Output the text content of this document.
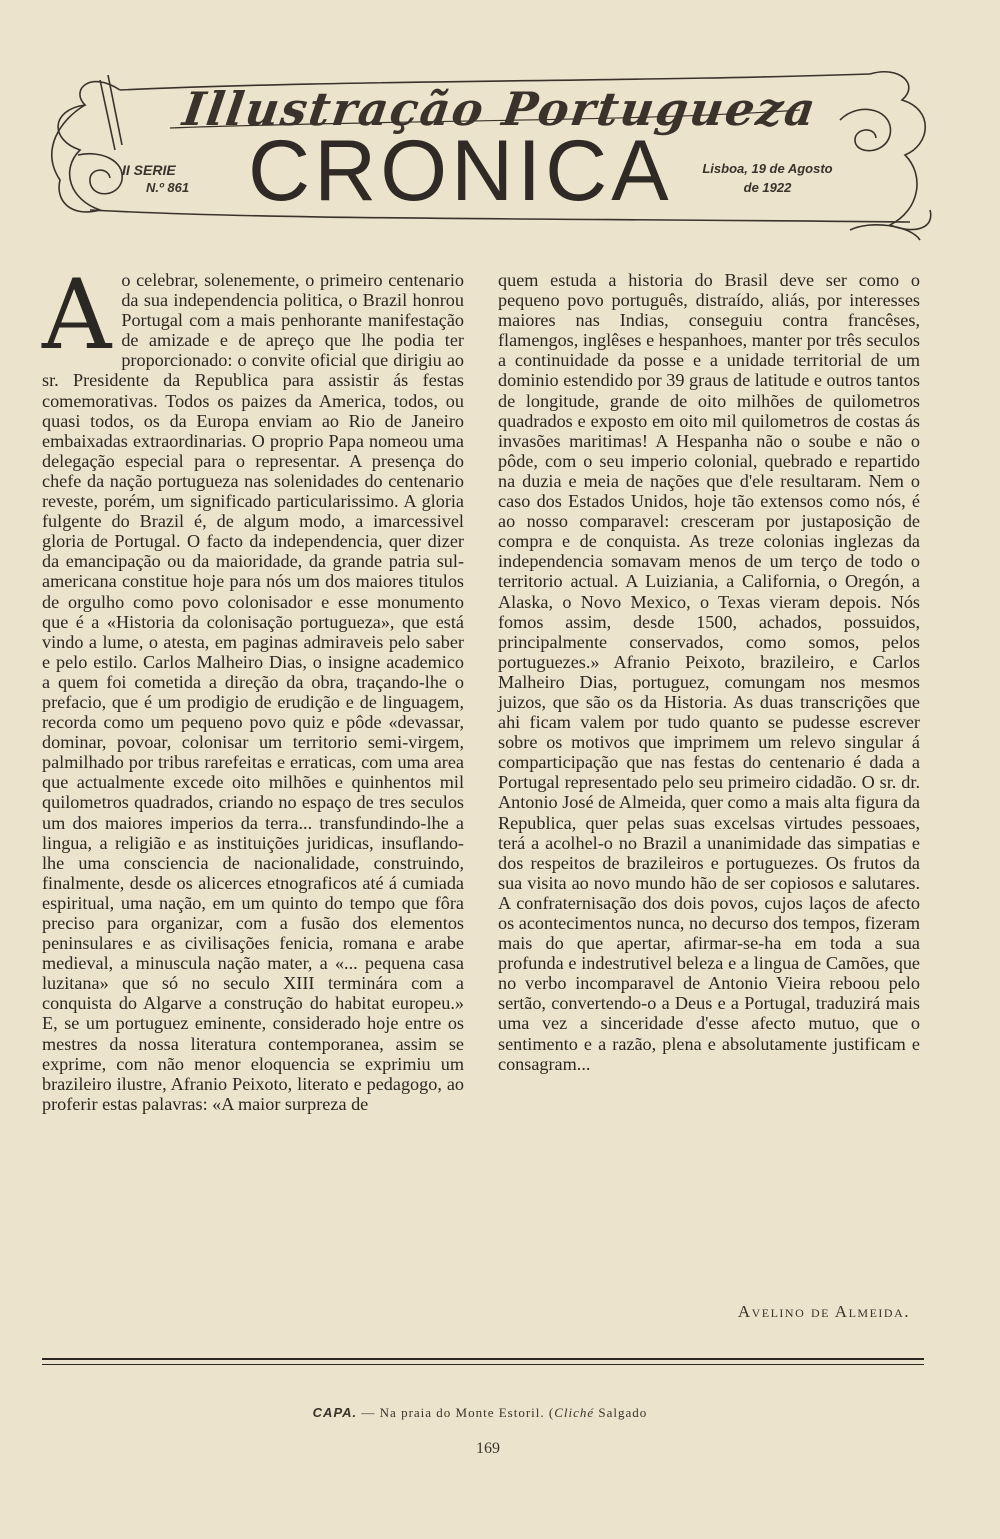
Illustração Portugueza
II SERIE
N.º 861 CRONICA	Lisboa, 19 de Agosto
de 1922
A o celebrar, solenemente, o primeiro centenario da sua independencia politica, o Brazil honrou Portugal com a mais penhorante manifestação de amizade e de apreço que lhe podia ter proporcionado: o convite oficial que dirigiu ao sr. Presidente da Republica para assistir ás festas comemorativas. Todos os paizes da America, todos, ou quasi todos, os da Europa enviam ao Rio de Janeiro embaixadas extraordinarias. O proprio Papa nomeou uma delegação especial para o representar. A presença do chefe da nação portugueza nas solenidades do centenario reveste, porém, um significado particularissimo. A gloria fulgente do Brazil é, de algum modo, a imarcessivel gloria de Portugal. O facto da independencia, quer dizer da emancipação ou da maioridade, da grande patria sul-americana constitue hoje para nós um dos maiores titulos de orgulho como povo colonisador e esse monumento que é a «Historia da colonisação portugueza», que está vindo a lume, o atesta, em paginas admiraveis pelo saber e pelo estilo. Carlos Malheiro Dias, o insigne academico a quem foi cometida a direção da obra, traçando-lhe o prefacio, que é um prodigio de erudição e de linguagem, recorda como um pequeno povo quiz e pôde «devassar, dominar, povoar, colonisar um territorio semi-virgem, palmilhado por tribus rarefeitas e erraticas, com uma area que actualmente excede oito milhões e quinhentos mil quilometros quadrados, criando no espaço de tres seculos um dos maiores imperios da terra... transfundindo-lhe a lingua, a religião e as instituições juridicas, insuflando-lhe uma consciencia de nacionalidade, construindo, finalmente, desde os alicerces etnograficos até á cumiada espiritual, uma nação, em um quinto do tempo que fôra preciso para organizar, com a fusão dos elementos peninsulares e as civilisações fenicia, romana e arabe medieval, a minuscula nação mater, a «... pequena casa luzitana» que só no seculo XIII terminára com a conquista do Algarve a construção do habitat europeu.» E, se um portuguez eminente, considerado hoje entre os mestres da nossa literatura contemporanea, assim se exprime, com não menor eloquencia se exprimiu um brazileiro ilustre, Afranio Peixoto, literato e pedagogo, ao proferir estas palavras: «A maior surpreza de

quem estuda a historia do Brasil deve ser como o pequeno povo português, distraído, aliás, por interesses maiores nas Indias, conseguiu contra francêses, flamengos, inglêses e hespanhoes, manter por três seculos a continuidade da posse e a unidade territorial de um dominio estendido por 39 graus de latitude e outros tantos de longitude, grande de oito milhões de quilometros quadrados e exposto em oito mil quilometros de costas ás invasões maritimas! A Hespanha não o soube e não o pôde, com o seu imperio colonial, quebrado e repartido na duzia e meia de nações que d'ele resultaram. Nem o caso dos Estados Unidos, hoje tão extensos como nós, é ao nosso comparavel: cresceram por justaposição de compra e de conquista. As treze colonias inglezas da independencia somavam menos de um terço de todo o territorio actual. A Luiziania, a California, o Oregón, a Alaska, o Novo Mexico, o Texas vieram depois. Nós fomos assim, desde 1500, achados, possuidos, principalmente conservados, como somos, pelos portuguezes.» Afranio Peixoto, brazileiro, e Carlos Malheiro Dias, portuguez, comungam nos mesmos juizos, que são os da Historia. As duas transcrições que ahi ficam valem por tudo quanto se pudesse escrever sobre os motivos que imprimem um relevo singular á comparticipação que nas festas do centenario é dada a Portugal representado pelo seu primeiro cidadão. O sr. dr. Antonio José de Almeida, quer como a mais alta figura da Republica, quer pelas suas excelsas virtudes pessoaes, terá a acolhel-o no Brazil a unanimidade das simpatias e dos respeitos de brazileiros e portuguezes. Os frutos da sua visita ao novo mundo hão de ser copiosos e salutares. A confraternisação dos dois povos, cujos laços de afecto os acontecimentos nunca, no decurso dos tempos, fizeram mais do que apertar, afirmar-se-ha em toda a sua profunda e indestrutivel beleza e a lingua de Camões, que no verbo incomparavel de Antonio Vieira reboou pelo sertão, convertendo-o a Deus e a Portugal, traduzirá mais uma vez a sinceridade d'esse afecto mutuo, que o sentimento e a razão, plena e absolutamente justificam e consagram...

Avelino de Almeida.
CAPA. — Na praia do Monte Estoril. (Cliché Salgado
169
